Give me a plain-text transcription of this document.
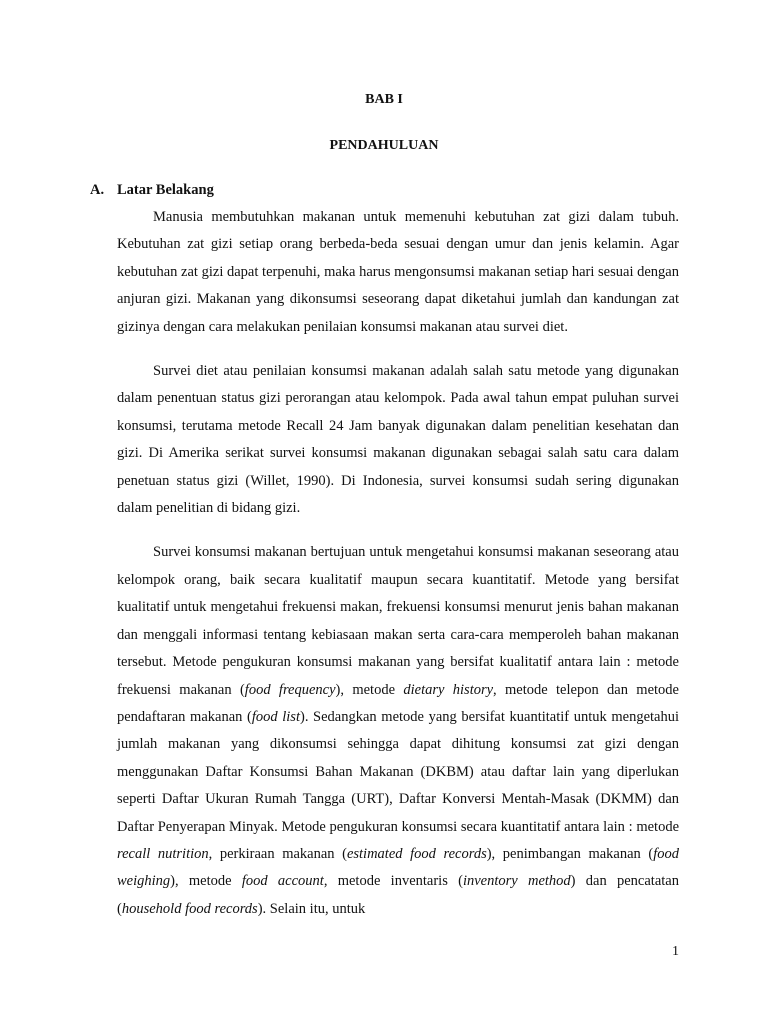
BAB I
PENDAHULUAN
A. Latar Belakang

Manusia membutuhkan makanan untuk memenuhi kebutuhan zat gizi dalam tubuh. Kebutuhan zat gizi setiap orang berbeda-beda sesuai dengan umur dan jenis kelamin. Agar kebutuhan zat gizi dapat terpenuhi, maka harus mengonsumsi makanan setiap hari sesuai dengan anjuran gizi. Makanan yang dikonsumsi seseorang dapat diketahui jumlah dan kandungan zat gizinya dengan cara melakukan penilaian konsumsi makanan atau survei diet.

Survei diet atau penilaian konsumsi makanan adalah salah satu metode yang digunakan dalam penentuan status gizi perorangan atau kelompok. Pada awal tahun empat puluhan survei konsumsi, terutama metode Recall 24 Jam banyak digunakan dalam penelitian kesehatan dan gizi. Di Amerika serikat survei konsumsi makanan digunakan sebagai salah satu cara dalam penetuan status gizi (Willet, 1990). Di Indonesia, survei konsumsi sudah sering digunakan dalam penelitian di bidang gizi.

Survei konsumsi makanan bertujuan untuk mengetahui konsumsi makanan seseorang atau kelompok orang, baik secara kualitatif maupun secara kuantitatif. Metode yang bersifat kualitatif untuk mengetahui frekuensi makan, frekuensi konsumsi menurut jenis bahan makanan dan menggali informasi tentang kebiasaan makan serta cara-cara memperoleh bahan makanan tersebut. Metode pengukuran konsumsi makanan yang bersifat kualitatif antara lain : metode frekuensi makanan (food frequency), metode dietary history, metode telepon dan metode pendaftaran makanan (food list). Sedangkan metode yang bersifat kuantitatif untuk mengetahui jumlah makanan yang dikonsumsi sehingga dapat dihitung konsumsi zat gizi dengan menggunakan Daftar Konsumsi Bahan Makanan (DKBM) atau daftar lain yang diperlukan seperti Daftar Ukuran Rumah Tangga (URT), Daftar Konversi Mentah-Masak (DKMM) dan Daftar Penyerapan Minyak. Metode pengukuran konsumsi secara kuantitatif antara lain : metode recall nutrition, perkiraan makanan (estimated food records), penimbangan makanan (food weighing), metode food account, metode inventaris (inventory method) dan pencatatan (household food records). Selain itu, untuk

1
